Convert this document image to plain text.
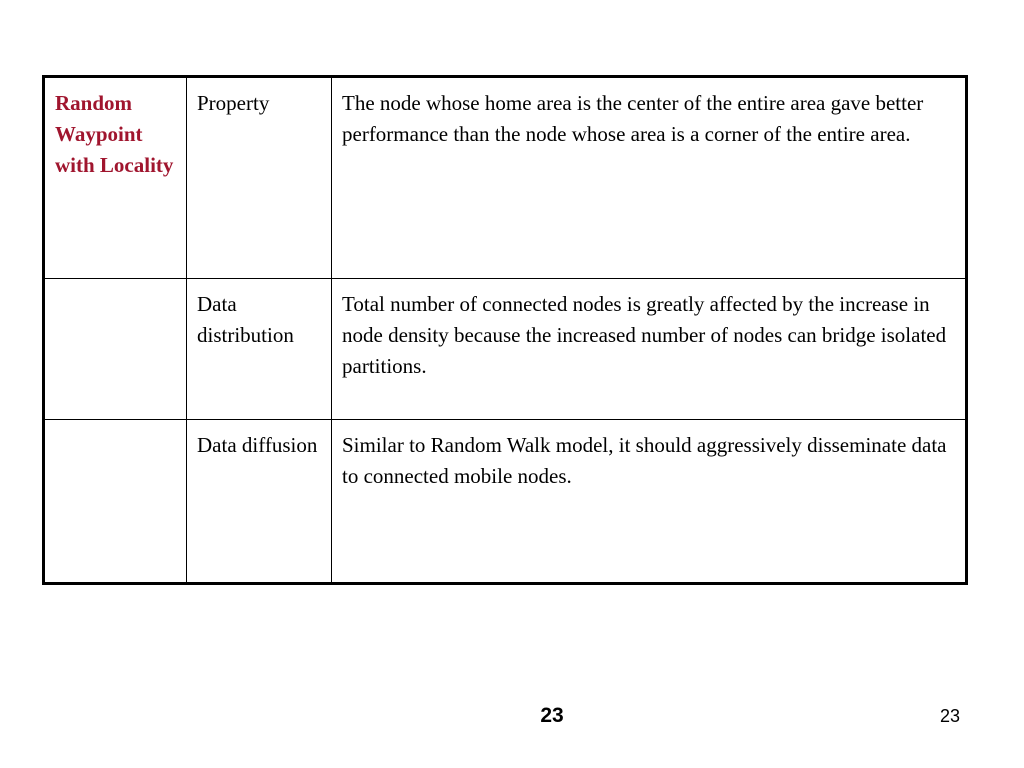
Random Waypoint with Locality	Property	The node whose home area is the center of the entire area gave better performance than the node whose area is a corner of the entire area.
	Data distribution	Total number of connected nodes is greatly affected by the increase in node density because the increased number of nodes can bridge isolated partitions.
	Data diffusion	Similar to Random Walk model, it should aggressively disseminate data to connected mobile nodes.
23	23
